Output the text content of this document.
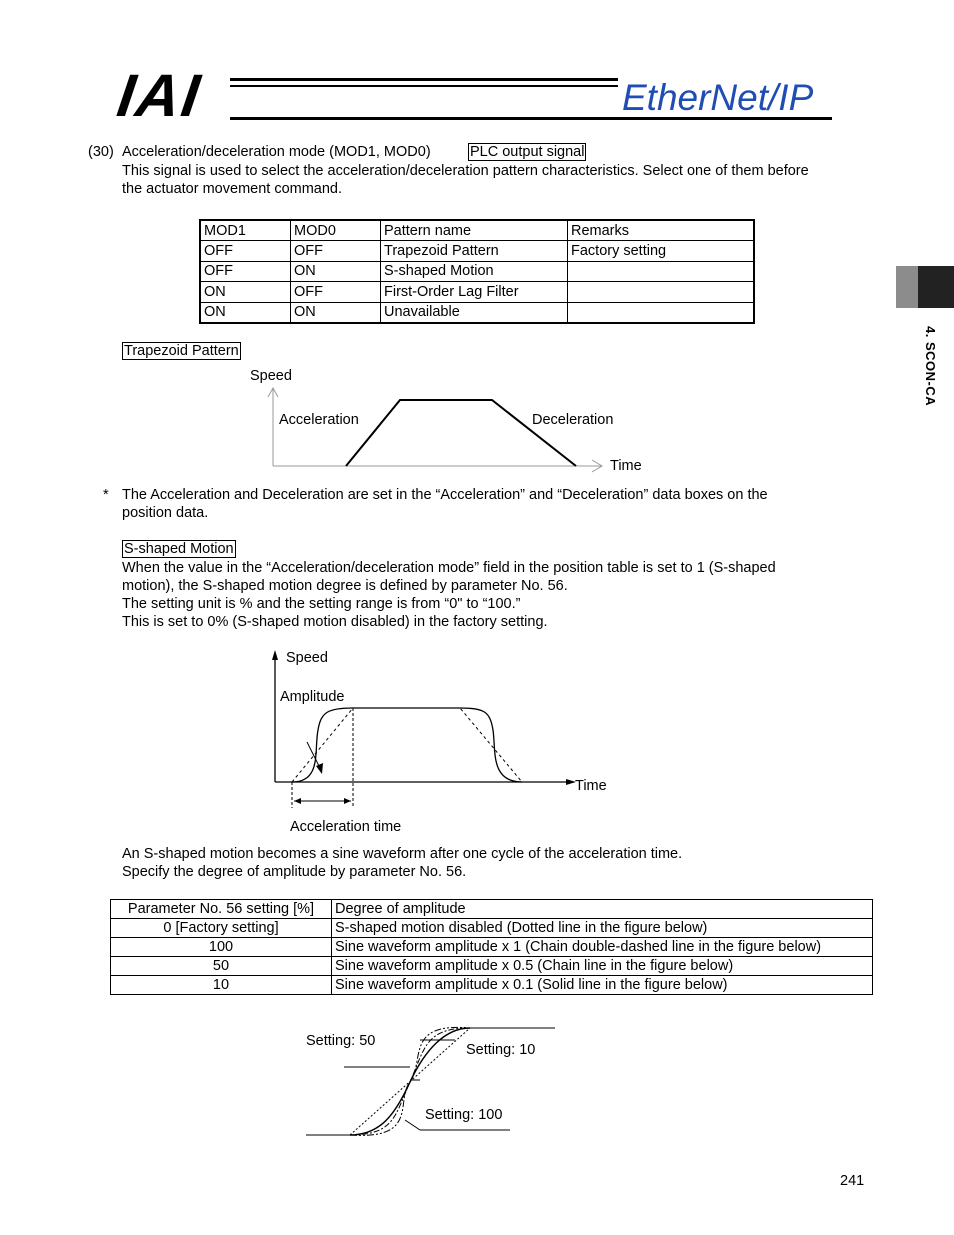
IAI	EtherNet/IP
4. SCON-CA
(30) Acceleration/deceleration mode (MOD1, MOD0)	PLC output signal
This signal is used to select the acceleration/deceleration pattern characteristics. Select one of them before
the actuator movement command.
MOD1	MOD0	Pattern name	Remarks
OFF	OFF	Trapezoid Pattern	Factory setting
OFF	ON	S-shaped Motion	
ON	OFF	First-Order Lag Filter	
ON	ON	Unavailable	
Trapezoid Pattern
Speed
Acceleration	Deceleration
Time
* The Acceleration and Deceleration are set in the “Acceleration” and “Deceleration” data boxes on the
position data.
S-shaped Motion
When the value in the “Acceleration/deceleration mode” field in the position table is set to 1 (S-shaped
motion), the S-shaped motion degree is defined by parameter No. 56.
The setting unit is % and the setting range is from “0" to “100.”
This is set to 0% (S-shaped motion disabled) in the factory setting.
Speed
Amplitude
Time
Acceleration time
An S-shaped motion becomes a sine waveform after one cycle of the acceleration time.
Specify the degree of amplitude by parameter No. 56.
Parameter No. 56 setting [%]	Degree of amplitude
0 [Factory setting]	S-shaped motion disabled (Dotted line in the figure below)
100	Sine waveform amplitude x 1 (Chain double-dashed line in the figure below)
50	Sine waveform amplitude x 0.5 (Chain line in the figure below)
10	Sine waveform amplitude x 0.1 (Solid line in the figure below)
Setting: 50
Setting: 10
Setting: 100
241
